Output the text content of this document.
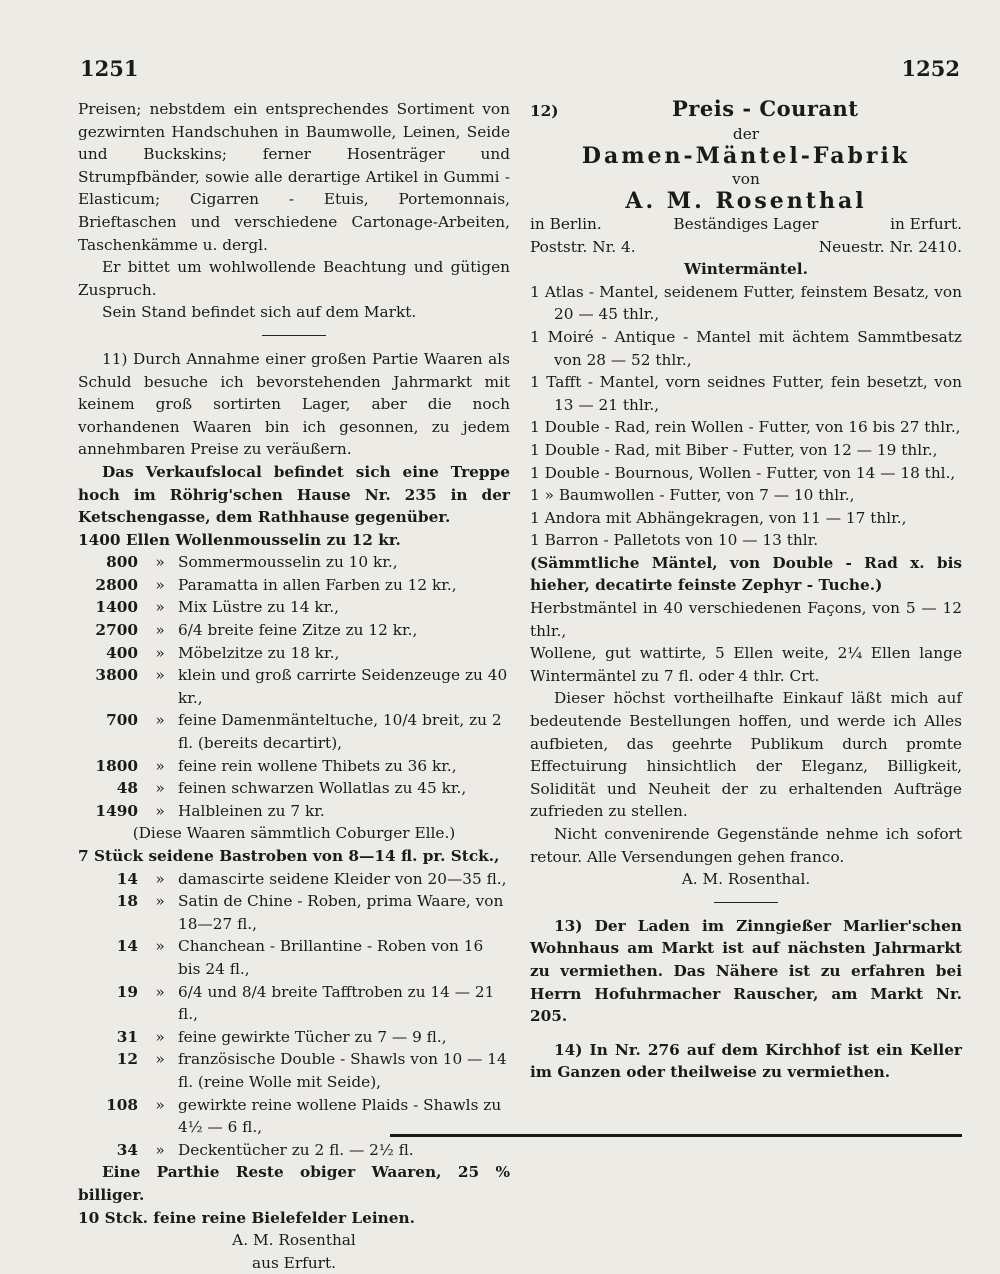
1251	1252

Preisen; nebstdem ein entsprechendes Sortiment von gezwirnten Handschuhen in Baumwolle, Leinen, Seide und Buckskins; ferner Hosenträger und Strumpfbänder, sowie alle derartige Artikel in Gummi - Elasticum; Cigarren - Etuis, Portemonnais, Brieftaschen und verschiedene Cartonage-Arbeiten, Taschenkämme u. dergl.

Er bittet um wohlwollende Beachtung und gütigen Zuspruch.

Sein Stand befindet sich auf dem Markt.

11) Durch Annahme einer großen Partie Waaren als Schuld besuche ich bevorstehenden Jahrmarkt mit keinem groß sortirten Lager, aber die noch vorhandenen Waaren bin ich gesonnen, zu jedem annehmbaren Preise zu veräußern.

Das Verkaufslocal befindet sich eine Treppe hoch im Röhrig'schen Hause Nr. 235 in der Ketschengasse, dem Rathhause gegenüber.

1400 Ellen Wollenmousselin zu 12 kr.

800	» Sommermousselin zu 10 kr.,
2800	» Paramatta in allen Farben zu 12 kr.,
1400	» Mix Lüstre zu 14 kr.,
2700	» 6/4 breite feine Zitze zu 12 kr.,
400	» Möbelzitze zu 18 kr.,
3800	» klein und groß carrirte Seidenzeuge zu 40 kr.,
700	» feine Damenmänteltuche, 10/4 breit, zu 2 fl. (bereits decartirt),
1800	» feine rein wollene Thibets zu 36 kr.,
48	» feinen schwarzen Wollatlas zu 45 kr.,
1490	» Halbleinen zu 7 kr.

(Diese Waaren sämmtlich Coburger Elle.)

7 Stück seidene Bastroben von 8—14 fl. pr. Stck.,

14	» damascirte seidene Kleider von 20—35 fl.,
18	» Satin de Chine - Roben, prima Waare, von 18—27 fl.,
14	» Chanchean - Brillantine - Roben von 16 bis 24 fl.,
19	» 6/4 und 8/4 breite Tafftroben zu 14 — 21 fl.,
31	» feine gewirkte Tücher zu 7 — 9 fl.,
12	» französische Double - Shawls von 10 — 14 fl. (reine Wolle mit Seide),
108	» gewirkte reine wollene Plaids - Shawls zu 4½ — 6 fl.,
34	» Deckentücher zu 2 fl. — 2½ fl.

Eine Parthie Reste obiger Waaren, 25 % billiger.

10 Stck. feine reine Bielefelder Leinen.

A. M. Rosenthal

aus Erfurt.

12)	Preis - Courant

der

Damen-Mäntel-Fabrik

von

A. M. Rosenthal

in Berlin.	Beständiges Lager	in Erfurt.
Poststr. Nr. 4.	Neuestr. Nr. 2410.

Wintermäntel.

1 Atlas - Mantel, seidenem Futter, feinstem Besatz, von 20 — 45 thlr.,

1 Moiré - Antique - Mantel mit ächtem Sammtbesatz von 28 — 52 thlr.,

1 Tafft - Mantel, vorn seidnes Futter, fein besetzt, von 13 — 21 thlr.,

1 Double - Rad, rein Wollen - Futter, von 16 bis 27 thlr.,

1 Double - Rad, mit Biber - Futter, von 12 — 19 thlr.,

1 Double - Bournous, Wollen - Futter, von 14 — 18 thl.,

1 » Baumwollen - Futter, von 7 — 10 thlr.,

1 Andora mit Abhängekragen, von 11 — 17 thlr.,

1 Barron - Palletots von 10 — 13 thlr.

(Sämmtliche Mäntel, von Double - Rad x. bis hieher, decatirte feinste Zephyr - Tuche.)

Herbstmäntel in 40 verschiedenen Façons, von 5 — 12 thlr.,

Wollene, gut wattirte, 5 Ellen weite, 2¼ Ellen lange Wintermäntel zu 7 fl. oder 4 thlr. Crt.

Dieser höchst vortheilhafte Einkauf läßt mich auf bedeutende Bestellungen hoffen, und werde ich Alles aufbieten, das geehrte Publikum durch promte Effectuirung hinsichtlich der Eleganz, Billigkeit, Solidität und Neuheit der zu erhaltenden Aufträge zufrieden zu stellen.

Nicht convenirende Gegenstände nehme ich sofort retour. Alle Versendungen gehen franco.

A. M. Rosenthal.

13) Der Laden im Zinngießer Marlier'schen Wohnhaus am Markt ist auf nächsten Jahrmarkt zu vermiethen. Das Nähere ist zu erfahren bei Herrn Hofuhrmacher Rauscher, am Markt Nr. 205.

14) In Nr. 276 auf dem Kirchhof ist ein Keller im Ganzen oder theilweise zu vermiethen.
